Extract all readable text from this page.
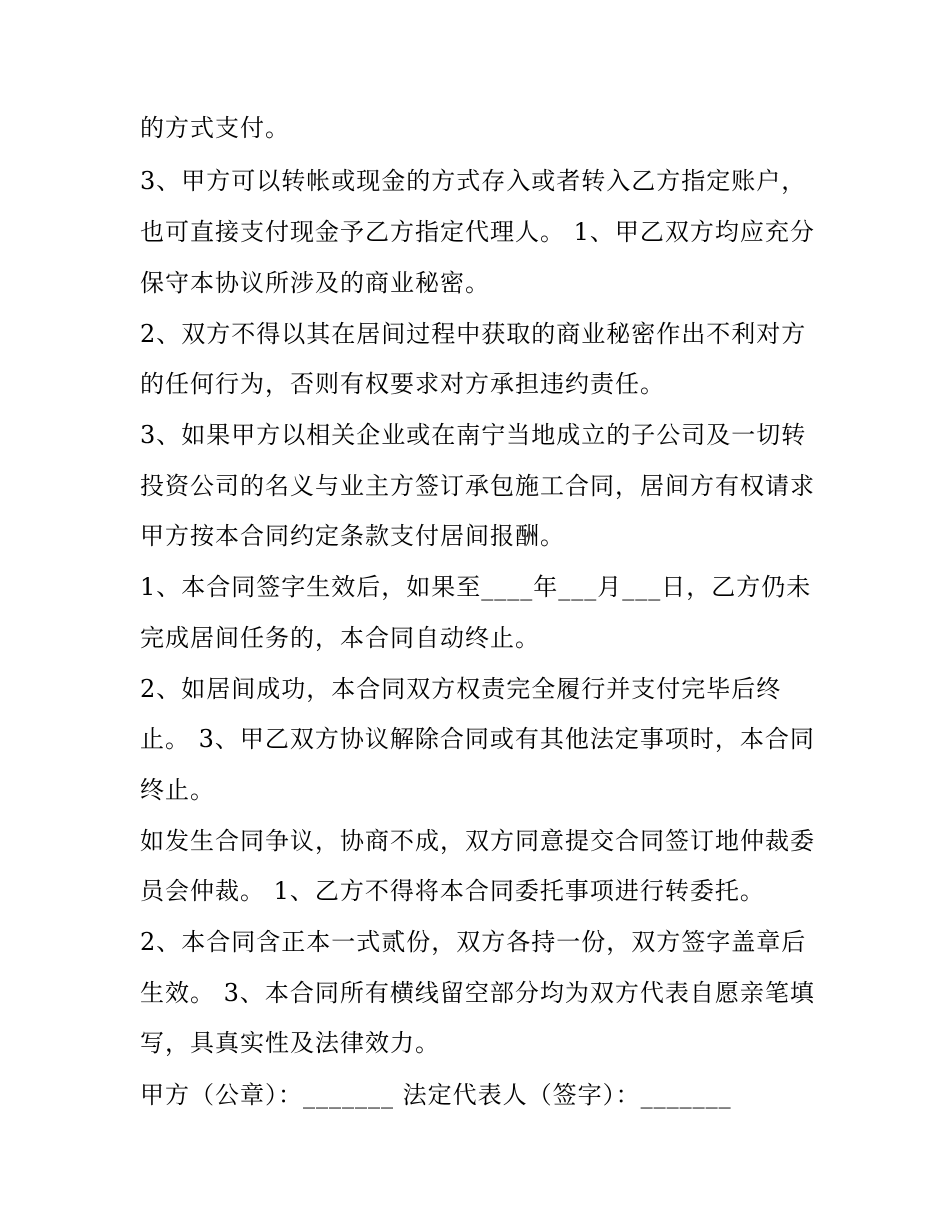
的方式支付。
3、甲方可以转帐或现金的方式存入或者转入乙方指定账户，
也可直接支付现金予乙方指定代理人。 1、甲乙双方均应充分
保守本协议所涉及的商业秘密。
2、双方不得以其在居间过程中获取的商业秘密作出不利对方
的任何行为，否则有权要求对方承担违约责任。
3、如果甲方以相关企业或在南宁当地成立的子公司及一切转
投资公司的名义与业主方签订承包施工合同，居间方有权请求
甲方按本合同约定条款支付居间报酬。
1、本合同签字生效后，如果至____年___月___日，乙方仍未
完成居间任务的，本合同自动终止。
2、如居间成功，本合同双方权责完全履行并支付完毕后终
止。 3、甲乙双方协议解除合同或有其他法定事项时，本合同
终止。
如发生合同争议，协商不成，双方同意提交合同签订地仲裁委
员会仲裁。 1、乙方不得将本合同委托事项进行转委托。
2、本合同含正本一式贰份，双方各持一份，双方签字盖章后
生效。 3、本合同所有横线留空部分均为双方代表自愿亲笔填
写，具真实性及法律效力。
甲方（公章）：_______ 法定代表人（签字）：_______
